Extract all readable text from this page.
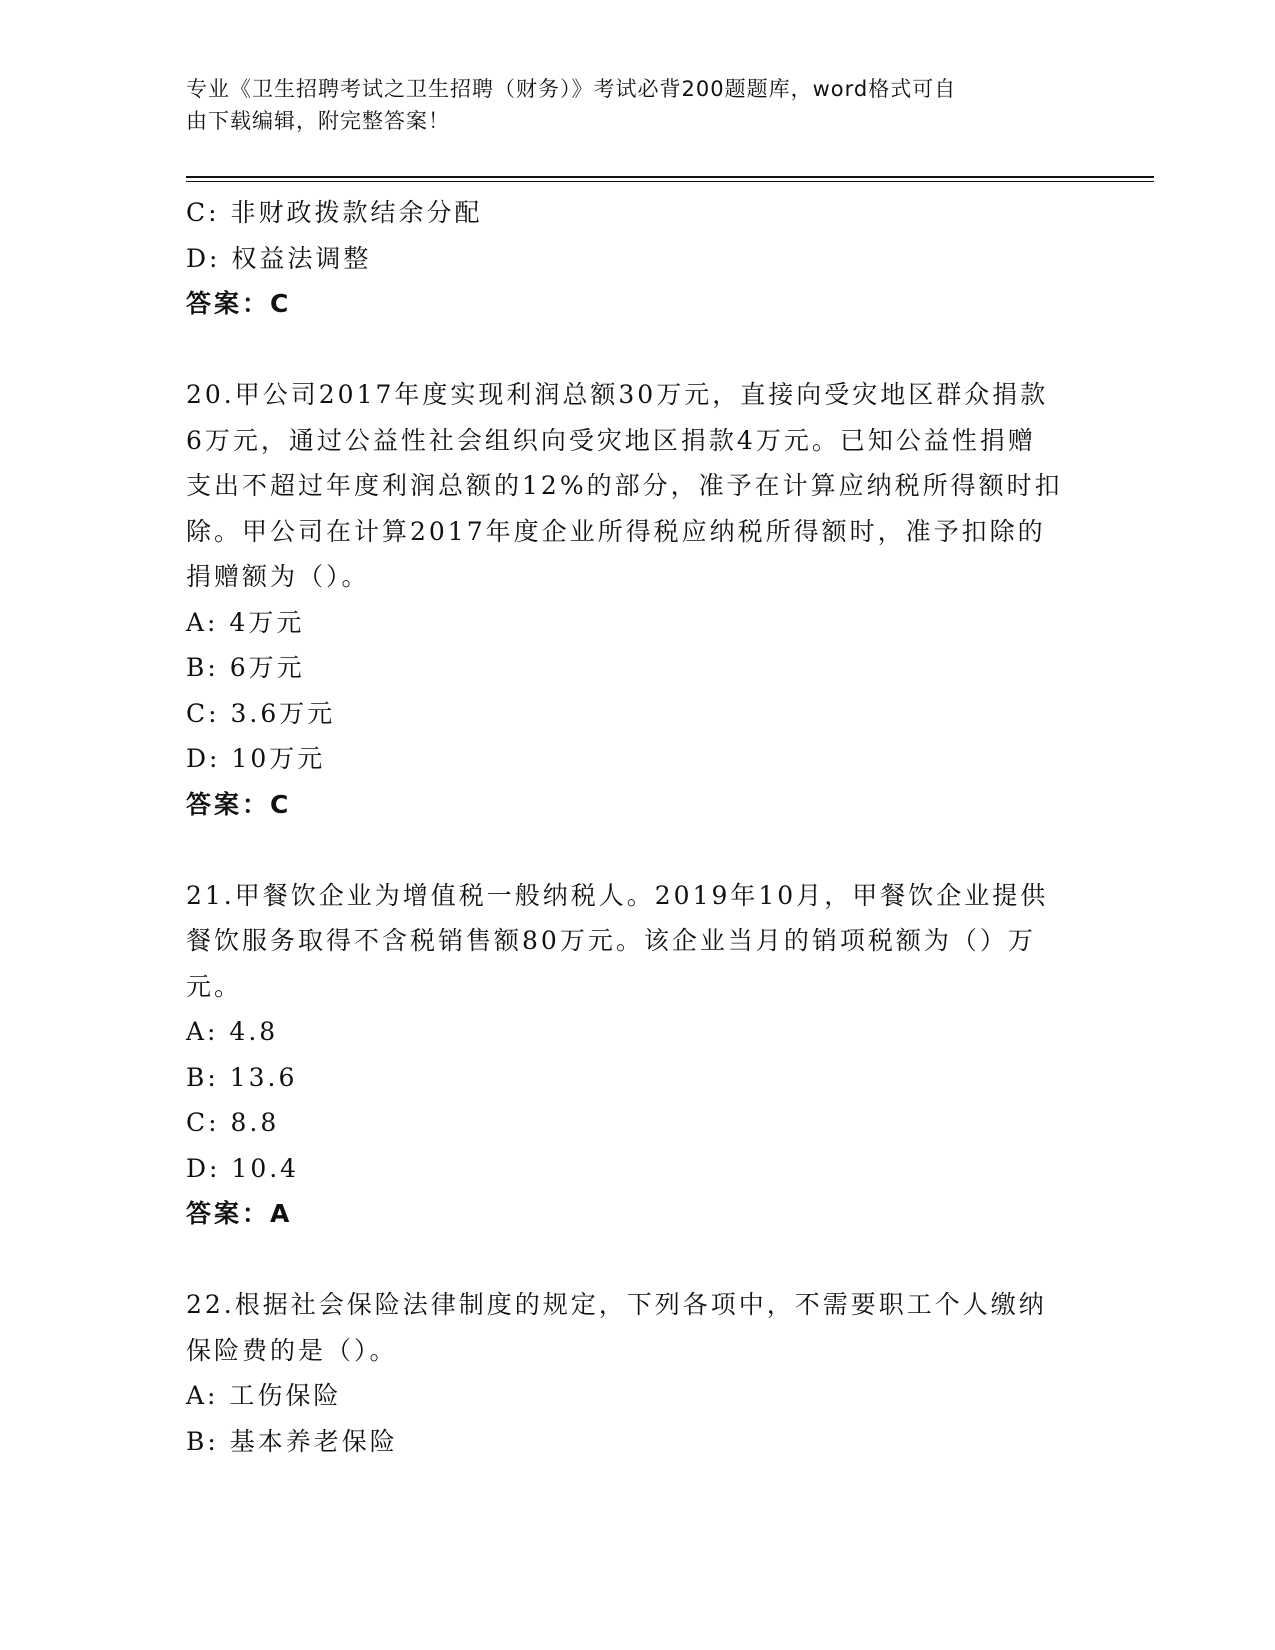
专业《卫生招聘考试之卫生招聘（财务）》考试必背200题题库，word格式可自
由下载编辑，附完整答案！
C: 非财政拨款结余分配
D: 权益法调整
答案：C
20.甲公司2017年度实现利润总额30万元，直接向受灾地区群众捐款
6万元，通过公益性社会组织向受灾地区捐款4万元。已知公益性捐赠
支出不超过年度利润总额的12%的部分，准予在计算应纳税所得额时扣
除。甲公司在计算2017年度企业所得税应纳税所得额时，准予扣除的
捐赠额为（）。
A: 4万元
B: 6万元
C: 3.6万元
D: 10万元
答案：C
21.甲餐饮企业为增值税一般纳税人。2019年10月，甲餐饮企业提供
餐饮服务取得不含税销售额80万元。该企业当月的销项税额为（）万
元。
A: 4.8
B: 13.6
C: 8.8
D: 10.4
答案：A
22.根据社会保险法律制度的规定，下列各项中，不需要职工个人缴纳
保险费的是（）。
A: 工伤保险
B: 基本养老保险
